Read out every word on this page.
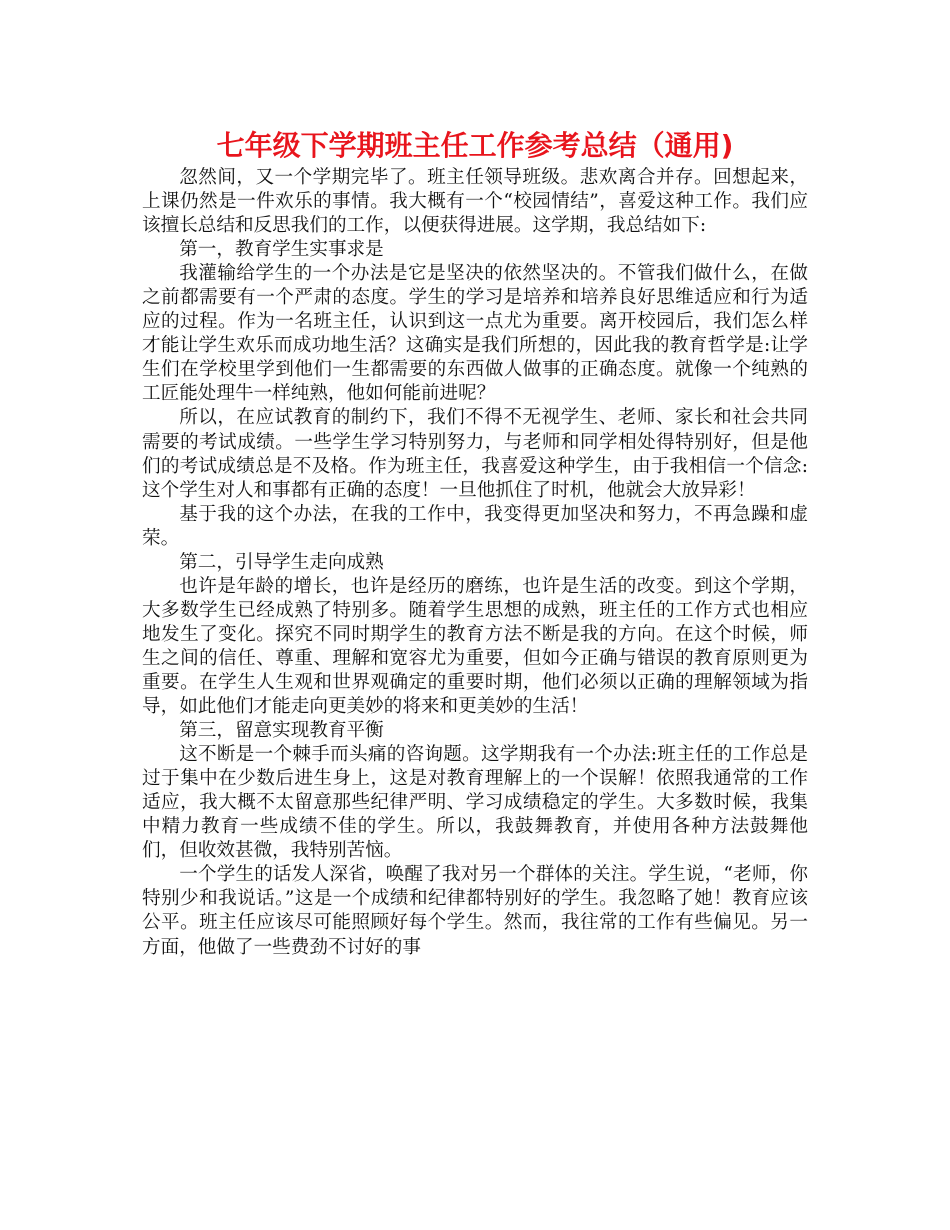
七年级下学期班主任工作参考总结（通用)

忽然间，又一个学期完毕了。班主任领导班级。悲欢离合并存。回想起来，上课仍然是一件欢乐的事情。我大概有一个“校园情结”，喜爱这种工作。我们应该擅长总结和反思我们的工作，以便获得进展。这学期，我总结如下:

第一，教育学生实事求是

我灌输给学生的一个办法是它是坚决的依然坚决的。不管我们做什么，在做之前都需要有一个严肃的态度。学生的学习是培养和培养良好思维适应和行为适应的过程。作为一名班主任，认识到这一点尤为重要。离开校园后，我们怎么样才能让学生欢乐而成功地生活？这确实是我们所想的，因此我的教育哲学是:让学生们在学校里学到他们一生都需要的东西做人做事的正确态度。就像一个纯熟的工匠能处理牛一样纯熟，他如何能前进呢？

所以，在应试教育的制约下，我们不得不无视学生、老师、家长和社会共同需要的考试成绩。一些学生学习特别努力，与老师和同学相处得特别好，但是他们的考试成绩总是不及格。作为班主任，我喜爱这种学生，由于我相信一个信念:这个学生对人和事都有正确的态度！一旦他抓住了时机，他就会大放异彩！

基于我的这个办法，在我的工作中，我变得更加坚决和努力，不再急躁和虚荣。

第二，引导学生走向成熟

也许是年龄的增长，也许是经历的磨练，也许是生活的改变。到这个学期，大多数学生已经成熟了特别多。随着学生思想的成熟，班主任的工作方式也相应地发生了变化。探究不同时期学生的教育方法不断是我的方向。在这个时候，师生之间的信任、尊重、理解和宽容尤为重要，但如今正确与错误的教育原则更为重要。在学生人生观和世界观确定的重要时期，他们必须以正确的理解领域为指导，如此他们才能走向更美妙的将来和更美妙的生活！

第三，留意实现教育平衡

这不断是一个棘手而头痛的咨询题。这学期我有一个办法:班主任的工作总是过于集中在少数后进生身上，这是对教育理解上的一个误解！依照我通常的工作适应，我大概不太留意那些纪律严明、学习成绩稳定的学生。大多数时候，我集中精力教育一些成绩不佳的学生。所以，我鼓舞教育，并使用各种方法鼓舞他们，但收效甚微，我特别苦恼。

一个学生的话发人深省，唤醒了我对另一个群体的关注。学生说，“老师，你特别少和我说话。”这是一个成绩和纪律都特别好的学生。我忽略了她！教育应该公平。班主任应该尽可能照顾好每个学生。然而，我往常的工作有些偏见。另一方面，他做了一些费劲不讨好的事
